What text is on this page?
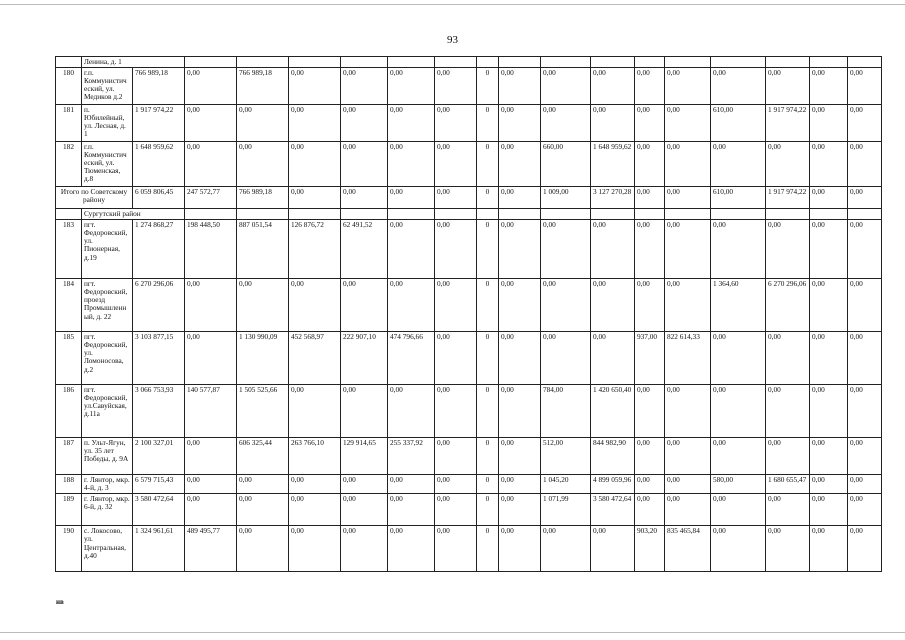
93
	Ленина, д. 1																	
180	г.п. Коммунистический, ул. Медиков д.2	766 989,18	0,00	766 989,18	0,00	0,00	0,00	0,00	0	0,00	0,00	0,00	0,00	0,00	0,00	0,00	0,00	0,00
181	п. Юбилейный, ул. Лесная, д. 1	1 917 974,22	0,00	0,00	0,00	0,00	0,00	0,00	0	0,00	0,00	0,00	0,00	0,00	610,00	1 917 974,22	0,00	0,00
182	г.п. Коммунистический, ул. Тюменская, д.8	1 648 959,62	0,00	0,00	0,00	0,00	0,00	0,00	0	0,00	660,00	1 648 959,62	0,00	0,00	0,00	0,00	0,00	0,00
Итого по Советскому району		6 059 806,45	247 572,77	766 989,18	0,00	0,00	0,00	0,00	0	0,00	1 009,00	3 127 270,28	0,00	0,00	610,00	1 917 974,22	0,00	0,00
	Сургутский район																	
183	пгт. Федоровский, ул. Пионерная, д.19	1 274 868,27	198 448,50	887 051,54	126 876,72	62 491,52	0,00	0,00	0	0,00	0,00	0,00	0,00	0,00	0,00	0,00	0,00	0,00
184	пгт. Федоровский, проезд Промышленный, д. 22	6 270 296,06	0,00	0,00	0,00	0,00	0,00	0,00	0	0,00	0,00	0,00	0,00	0,00	1 364,60	6 270 296,06	0,00	0,00
185	пгт. Федоровский, ул. Ломоносова, д.2	3 103 877,15	0,00	1 130 990,09	452 568,97	222 907,10	474 796,66	0,00	0	0,00	0,00	0,00	937,00	822 614,33	0,00	0,00	0,00	0,00
186	пгт. Федоровский, ул.Савуйская, д.11а	3 066 753,93	140 577,87	1 505 525,66	0,00	0,00	0,00	0,00	0	0,00	784,00	1 420 650,40	0,00	0,00	0,00	0,00	0,00	0,00
187	п. Ульт-Ягун, ул. 35 лет Победы, д. 9А	2 100 327,01	0,00	606 325,44	263 766,10	129 914,65	255 337,92	0,00	0	0,00	512,00	844 982,90	0,00	0,00	0,00	0,00	0,00	0,00
188	г. Лянтор, мкр. 4-й, д. 3	6 579 715,43	0,00	0,00	0,00	0,00	0,00	0,00	0	0,00	1 045,20	4 899 059,96	0,00	0,00	580,00	1 680 655,47	0,00	0,00
189	г. Лянтор, мкр. 6-й, д. 32	3 580 472,64	0,00	0,00	0,00	0,00	0,00	0,00	0	0,00	1 071,99	3 580 472,64	0,00	0,00	0,00	0,00	0,00	0,00
190	с. Локосово, ул. Центральная, д.40	1 324 961,61	489 495,77	0,00	0,00	0,00	0,00	0,00	0	0,00	0,00	0,00	903,20	835 465,84	0,00	0,00	0,00	0,00
нв
